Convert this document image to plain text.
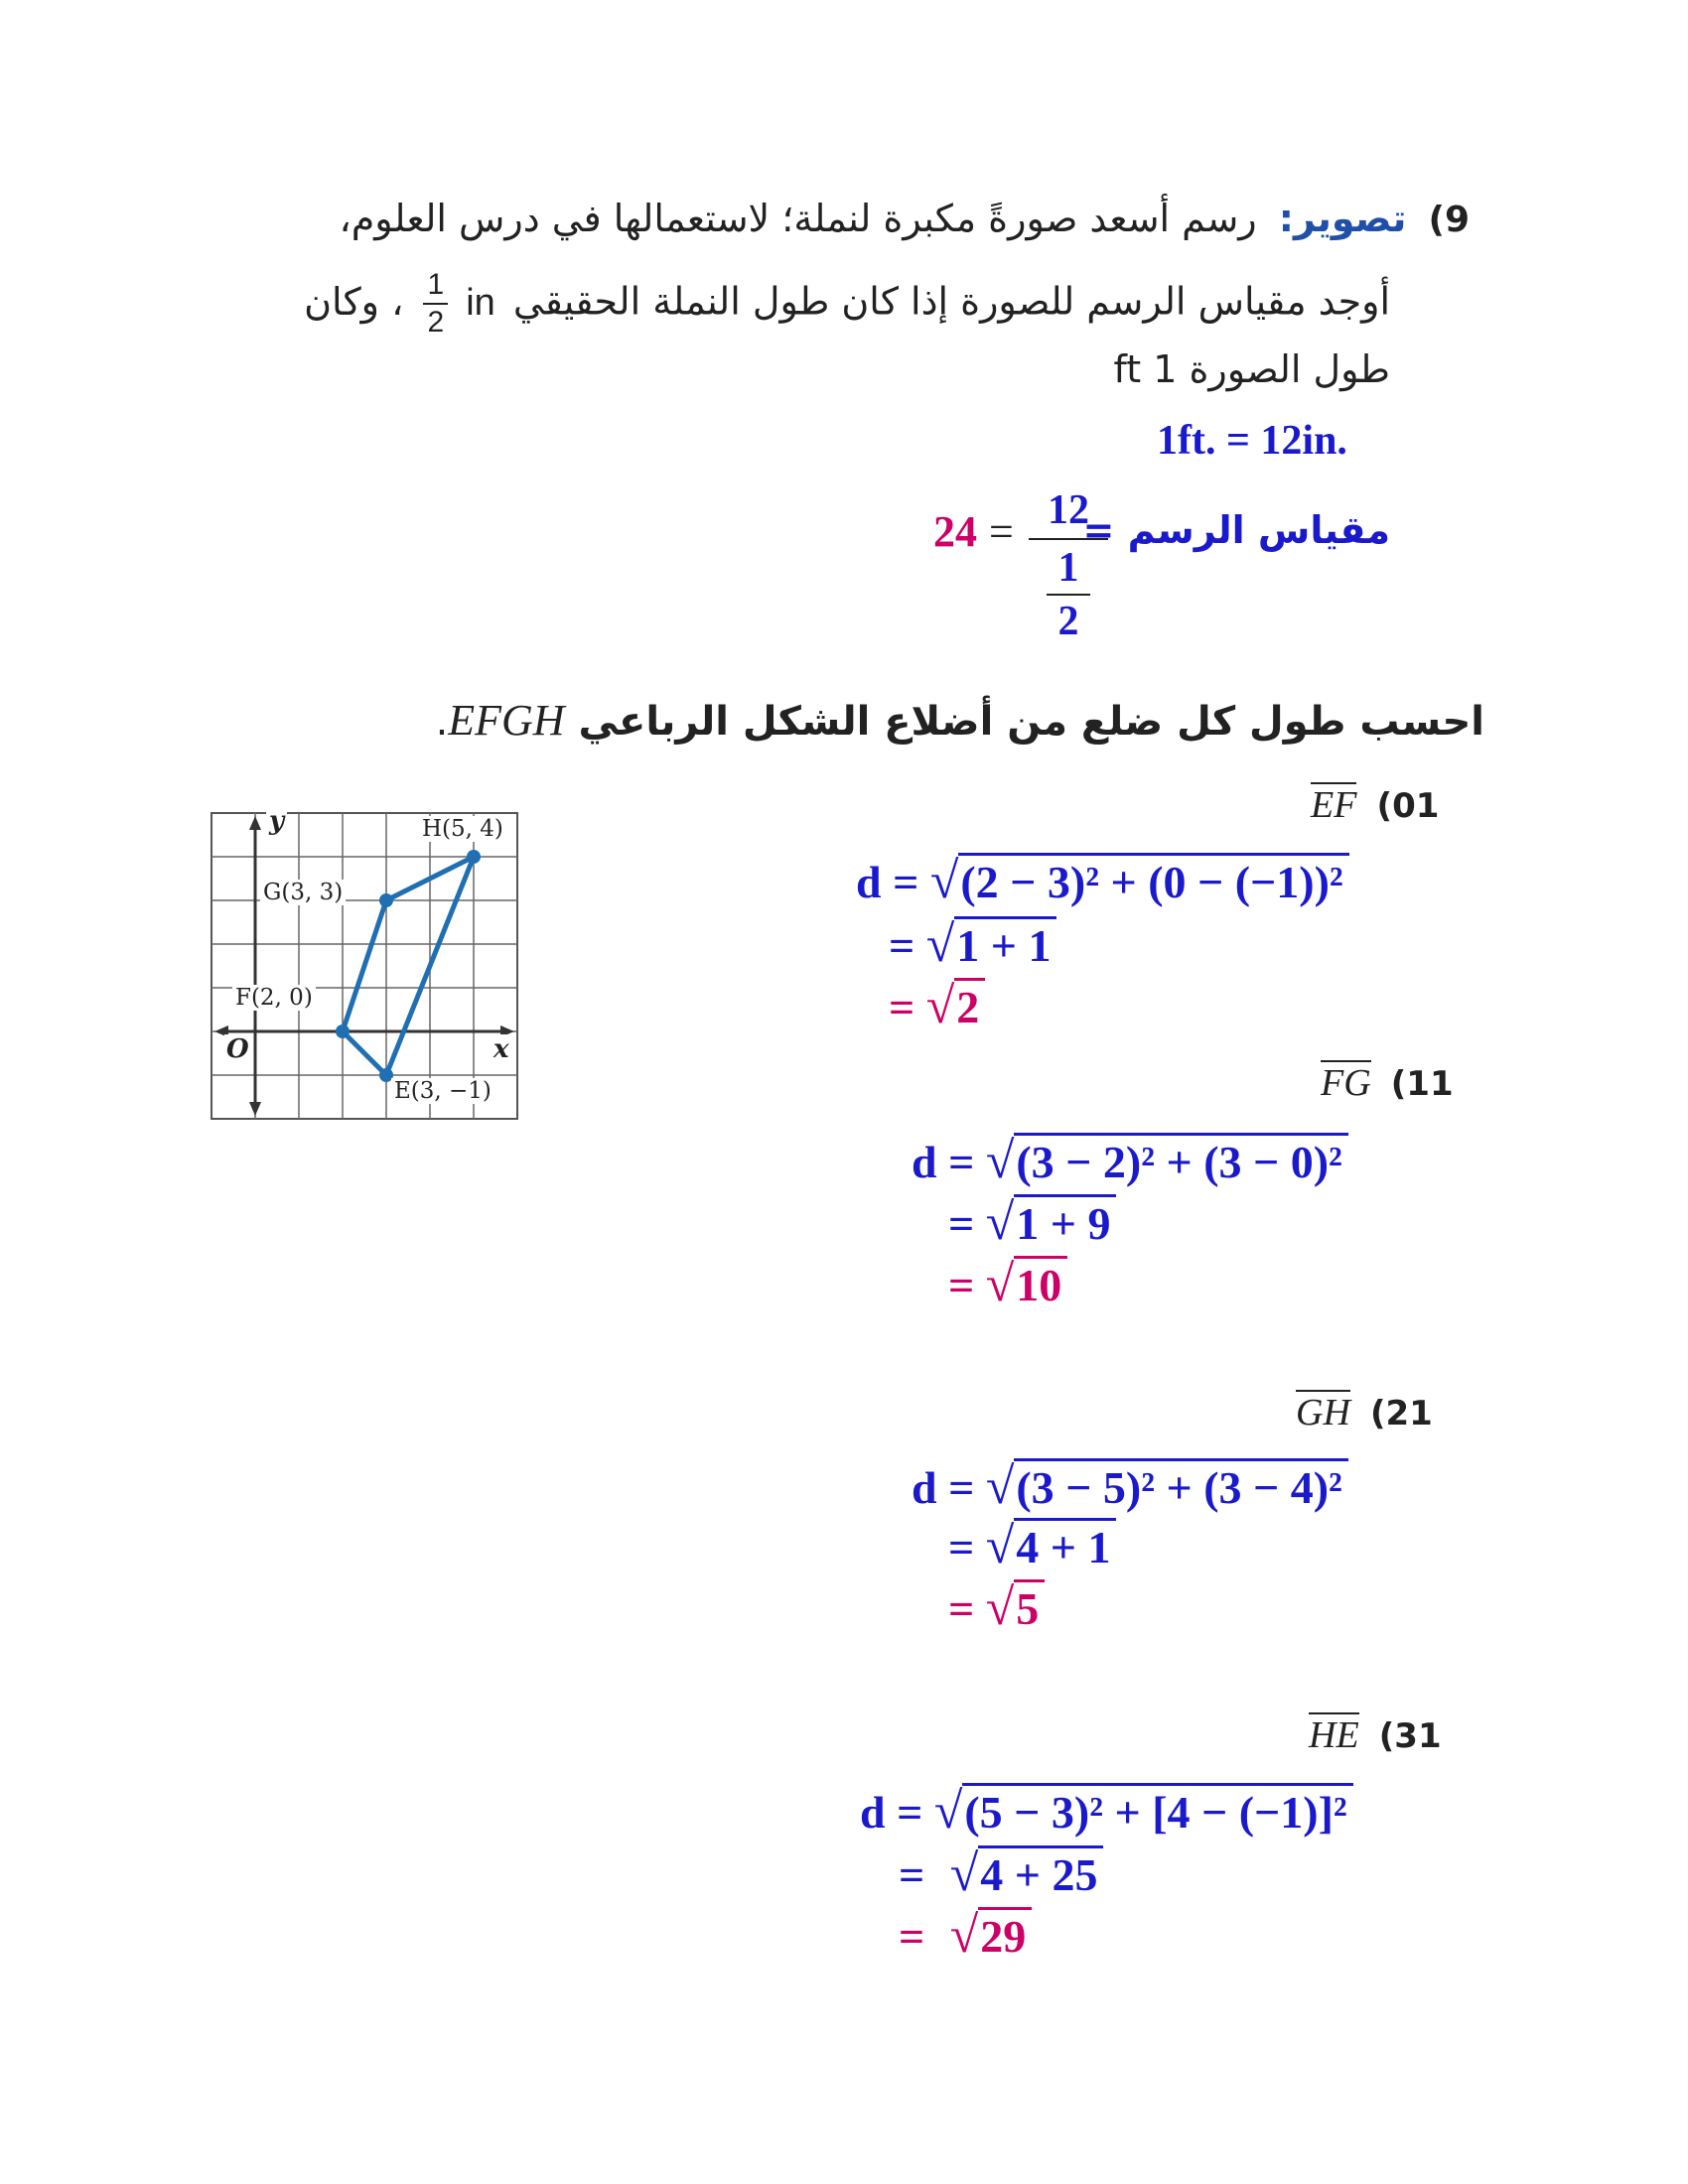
9) تصوير: رسم أسعد صورةً مكبرة لنملة؛ لاستعمالها في درس العلوم،
أوجد مقياس الرسم للصورة إذا كان طول النملة الحقيقي in
$\frac{1}{2}$
، وكان
طول الصورة 1 ft
1ft. = 12in.
24 = 12
1
2
مقياس الرسم =
احسب طول كل ضلع من أضلاع الشكل الرباعي EFGH.
y
x
O
H(5, 4)
G(3, 3)
F(2, 0)
E(3, −1)
EF 10)
d = √(2 − 3)² + (0 − (−1))²
= √1 + 1
= √2
FG 11)
d = √(3 − 2)² + (3 − 0)²
= √1 + 9
= √10
GH 12)
d = √(3 − 5)² + (3 − 4)²
= √4 + 1
= √5
HE 13)
d = √(5 − 3)² + [4 − (−1)]²
= √4 + 25
= √29
